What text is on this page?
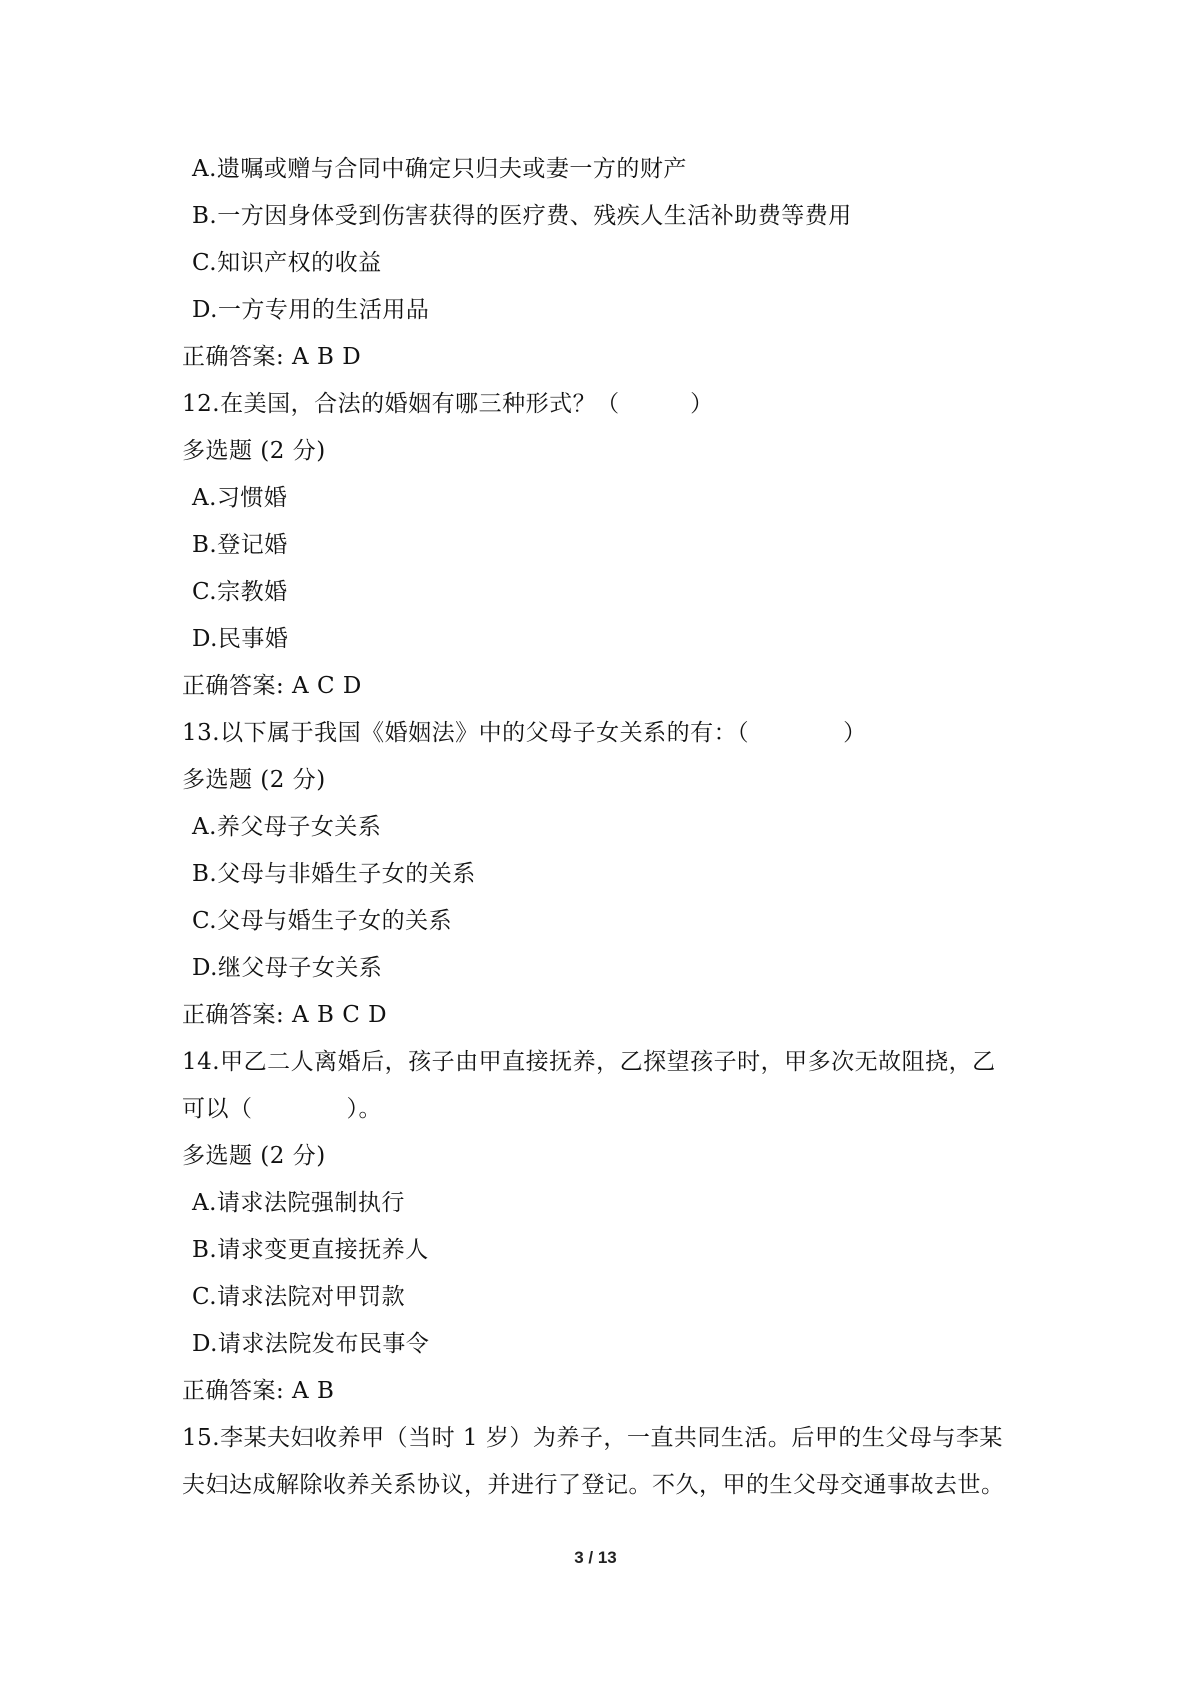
A.遗嘱或赠与合同中确定只归夫或妻一方的财产
B.一方因身体受到伤害获得的医疗费、残疾人生活补助费等费用
C.知识产权的收益
D.一方专用的生活用品
正确答案: A B D
12.在美国，合法的婚姻有哪三种形式？（　　　）
多选题 (2 分)
A.习惯婚
B.登记婚
C.宗教婚
D.民事婚
正确答案: A C D
13.以下属于我国《婚姻法》中的父母子女关系的有：（　　　　）
多选题 (2 分)
A.养父母子女关系
B.父母与非婚生子女的关系
C.父母与婚生子女的关系
D.继父母子女关系
正确答案: A B C D
14.甲乙二人离婚后，孩子由甲直接抚养，乙探望孩子时，甲多次无故阻挠，乙
可以（　　　　）。
多选题 (2 分)
A.请求法院强制执行
B.请求变更直接抚养人
C.请求法院对甲罚款
D.请求法院发布民事令
正确答案: A B
15.李某夫妇收养甲（当时 1 岁）为养子，一直共同生活。后甲的生父母与李某
夫妇达成解除收养关系协议，并进行了登记。不久，甲的生父母交通事故去世。
3 / 13
